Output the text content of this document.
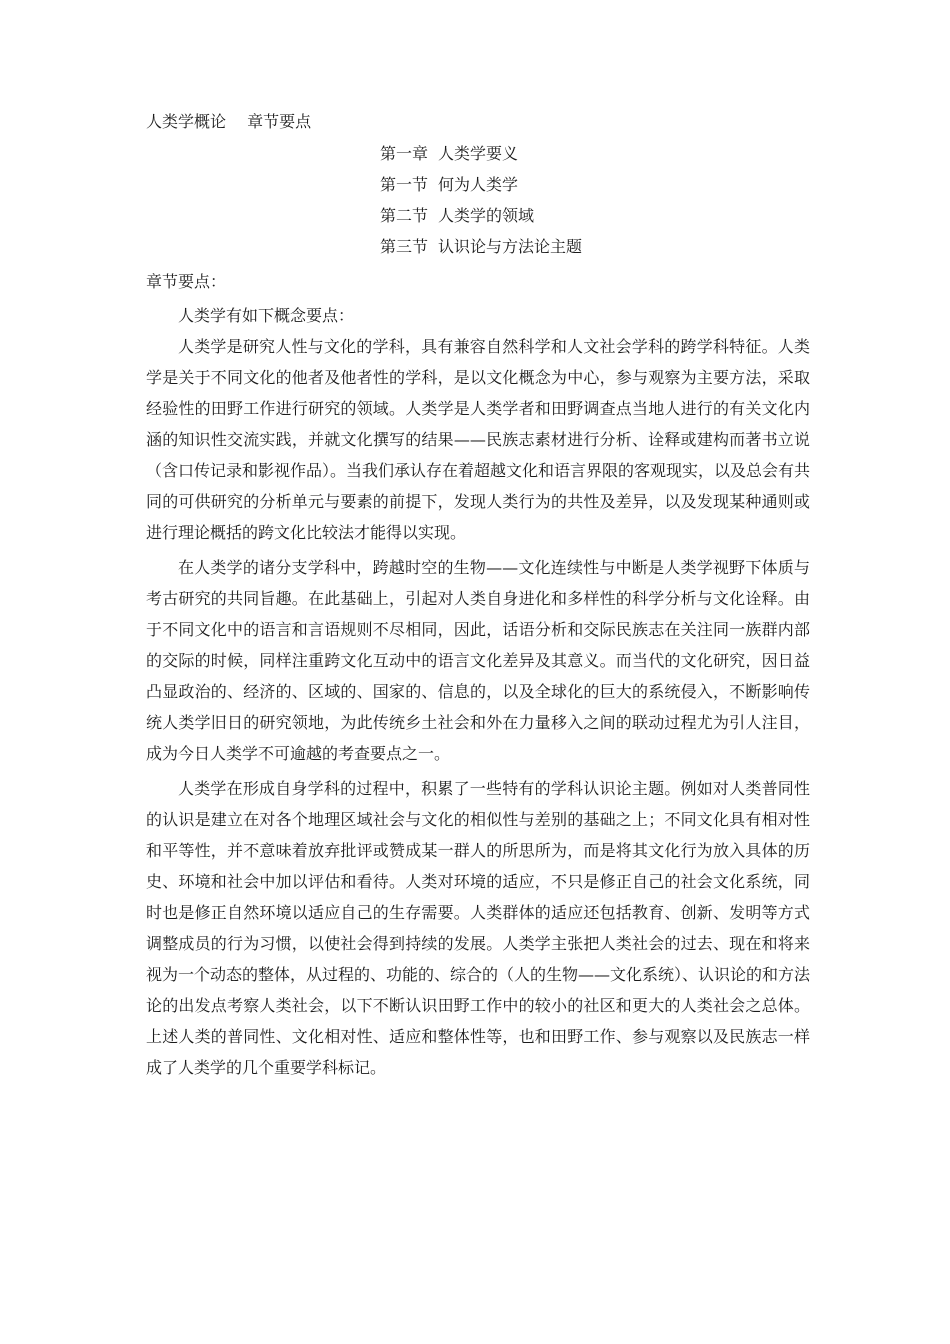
人类学概论　 章节要点
第一章 人类学要义
第一节 何为人类学
第二节 人类学的领域
第三节 认识论与方法论主题
章节要点：

人类学有如下概念要点：

人类学是研究人性与文化的学科，具有兼容自然科学和人文社会学科的跨学科特征。人类学是关于不同文化的他者及他者性的学科，是以文化概念为中心，参与观察为主要方法，采取经验性的田野工作进行研究的领域。人类学是人类学者和田野调查点当地人进行的有关文化内涵的知识性交流实践，并就文化撰写的结果——民族志素材进行分析、诠释或建构而著书立说（含口传记录和影视作品）。当我们承认存在着超越文化和语言界限的客观现实，以及总会有共同的可供研究的分析单元与要素的前提下，发现人类行为的共性及差异，以及发现某种通则或进行理论概括的跨文化比较法才能得以实现。

在人类学的诸分支学科中，跨越时空的生物——文化连续性与中断是人类学视野下体质与考古研究的共同旨趣。在此基础上，引起对人类自身进化和多样性的科学分析与文化诠释。由于不同文化中的语言和言语规则不尽相同，因此，话语分析和交际民族志在关注同一族群内部的交际的时候，同样注重跨文化互动中的语言文化差异及其意义。而当代的文化研究，因日益凸显政治的、经济的、区域的、国家的、信息的，以及全球化的巨大的系统侵入，不断影响传统人类学旧日的研究领地，为此传统乡土社会和外在力量移入之间的联动过程尤为引人注目，成为今日人类学不可逾越的考查要点之一。

人类学在形成自身学科的过程中，积累了一些特有的学科认识论主题。例如对人类普同性的认识是建立在对各个地理区域社会与文化的相似性与差别的基础之上；不同文化具有相对性和平等性，并不意味着放弃批评或赞成某一群人的所思所为，而是将其文化行为放入具体的历史、环境和社会中加以评估和看待。人类对环境的适应，不只是修正自己的社会文化系统，同时也是修正自然环境以适应自己的生存需要。人类群体的适应还包括教育、创新、发明等方式调整成员的行为习惯，以使社会得到持续的发展。人类学主张把人类社会的过去、现在和将来视为一个动态的整体，从过程的、功能的、综合的（人的生物——文化系统）、认识论的和方法论的出发点考察人类社会，以下不断认识田野工作中的较小的社区和更大的人类社会之总体。上述人类的普同性、文化相对性、适应和整体性等，也和田野工作、参与观察以及民族志一样成了人类学的几个重要学科标记。
